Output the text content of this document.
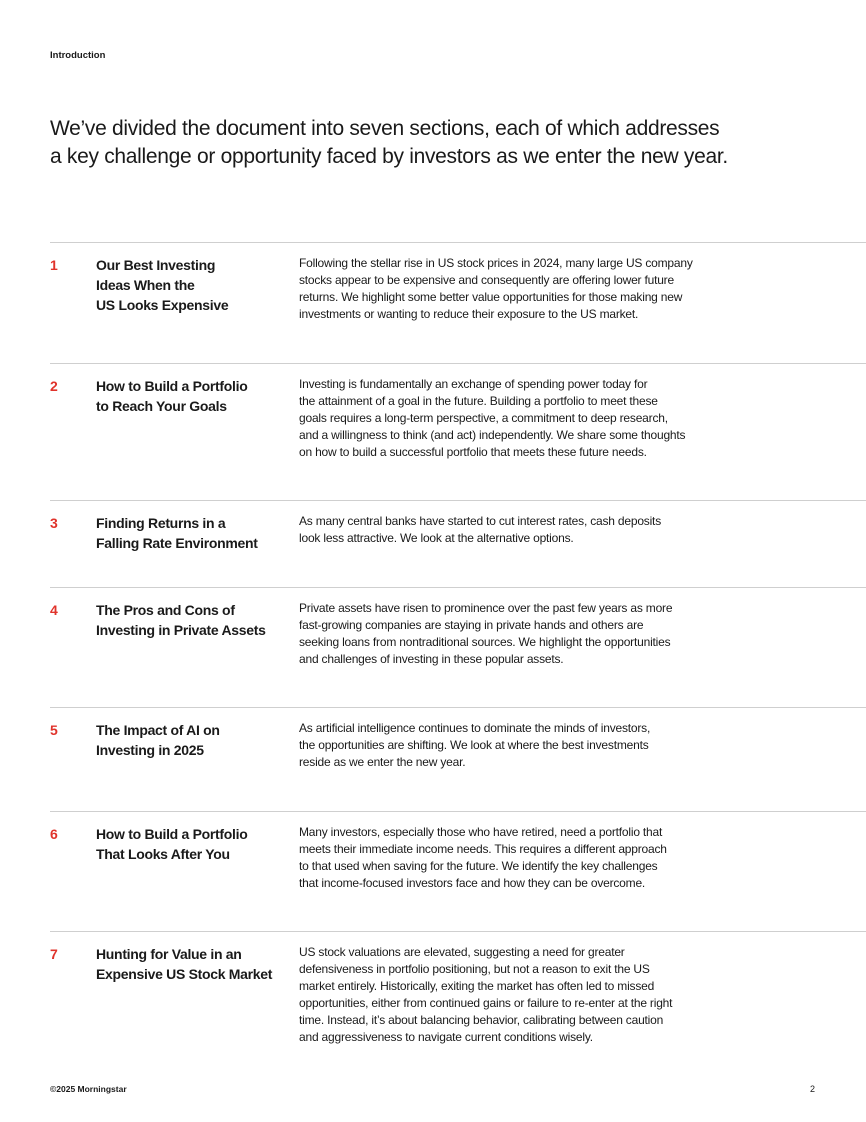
Introduction
We’ve divided the document into seven sections, each of which addresses
a key challenge or opportunity faced by investors as we enter the new year.
1	Our Best Investing
Ideas When the
US Looks Expensive

Following the stellar rise in US stock prices in 2024, many large US company
stocks appear to be expensive and consequently are offering lower future
returns. We highlight some better value opportunities for those making new
investments or wanting to reduce their exposure to the US market.

2	How to Build a Portfolio
to Reach Your Goals

Investing is fundamentally an exchange of spending power today for
the attainment of a goal in the future. Building a portfolio to meet these
goals requires a long-term perspective, a commitment to deep research,
and a willingness to think (and act) independently. We share some thoughts
on how to build a successful portfolio that meets these future needs.

3	Finding Returns in a
Falling Rate Environment

As many central banks have started to cut interest rates, cash deposits
look less attractive. We look at the alternative options.

4	The Pros and Cons of
Investing in Private Assets

Private assets have risen to prominence over the past few years as more
fast-growing companies are staying in private hands and others are
seeking loans from nontraditional sources. We highlight the opportunities
and challenges of investing in these popular assets.

5	The Impact of AI on
Investing in 2025

As artificial intelligence continues to dominate the minds of investors,
the opportunities are shifting. We look at where the best investments
reside as we enter the new year.

6	How to Build a Portfolio
That Looks After You

Many investors, especially those who have retired, need a portfolio that
meets their immediate income needs. This requires a different approach
to that used when saving for the future. We identify the key challenges
that income-focused investors face and how they can be overcome.

7	Hunting for Value in an
Expensive US Stock Market

US stock valuations are elevated, suggesting a need for greater
defensiveness in portfolio positioning, but not a reason to exit the US
market entirely. Historically, exiting the market has often led to missed
opportunities, either from continued gains or failure to re-enter at the right
time. Instead, it’s about balancing behavior, calibrating between caution
and aggressiveness to navigate current conditions wisely.

©2025 Morningstar	2
